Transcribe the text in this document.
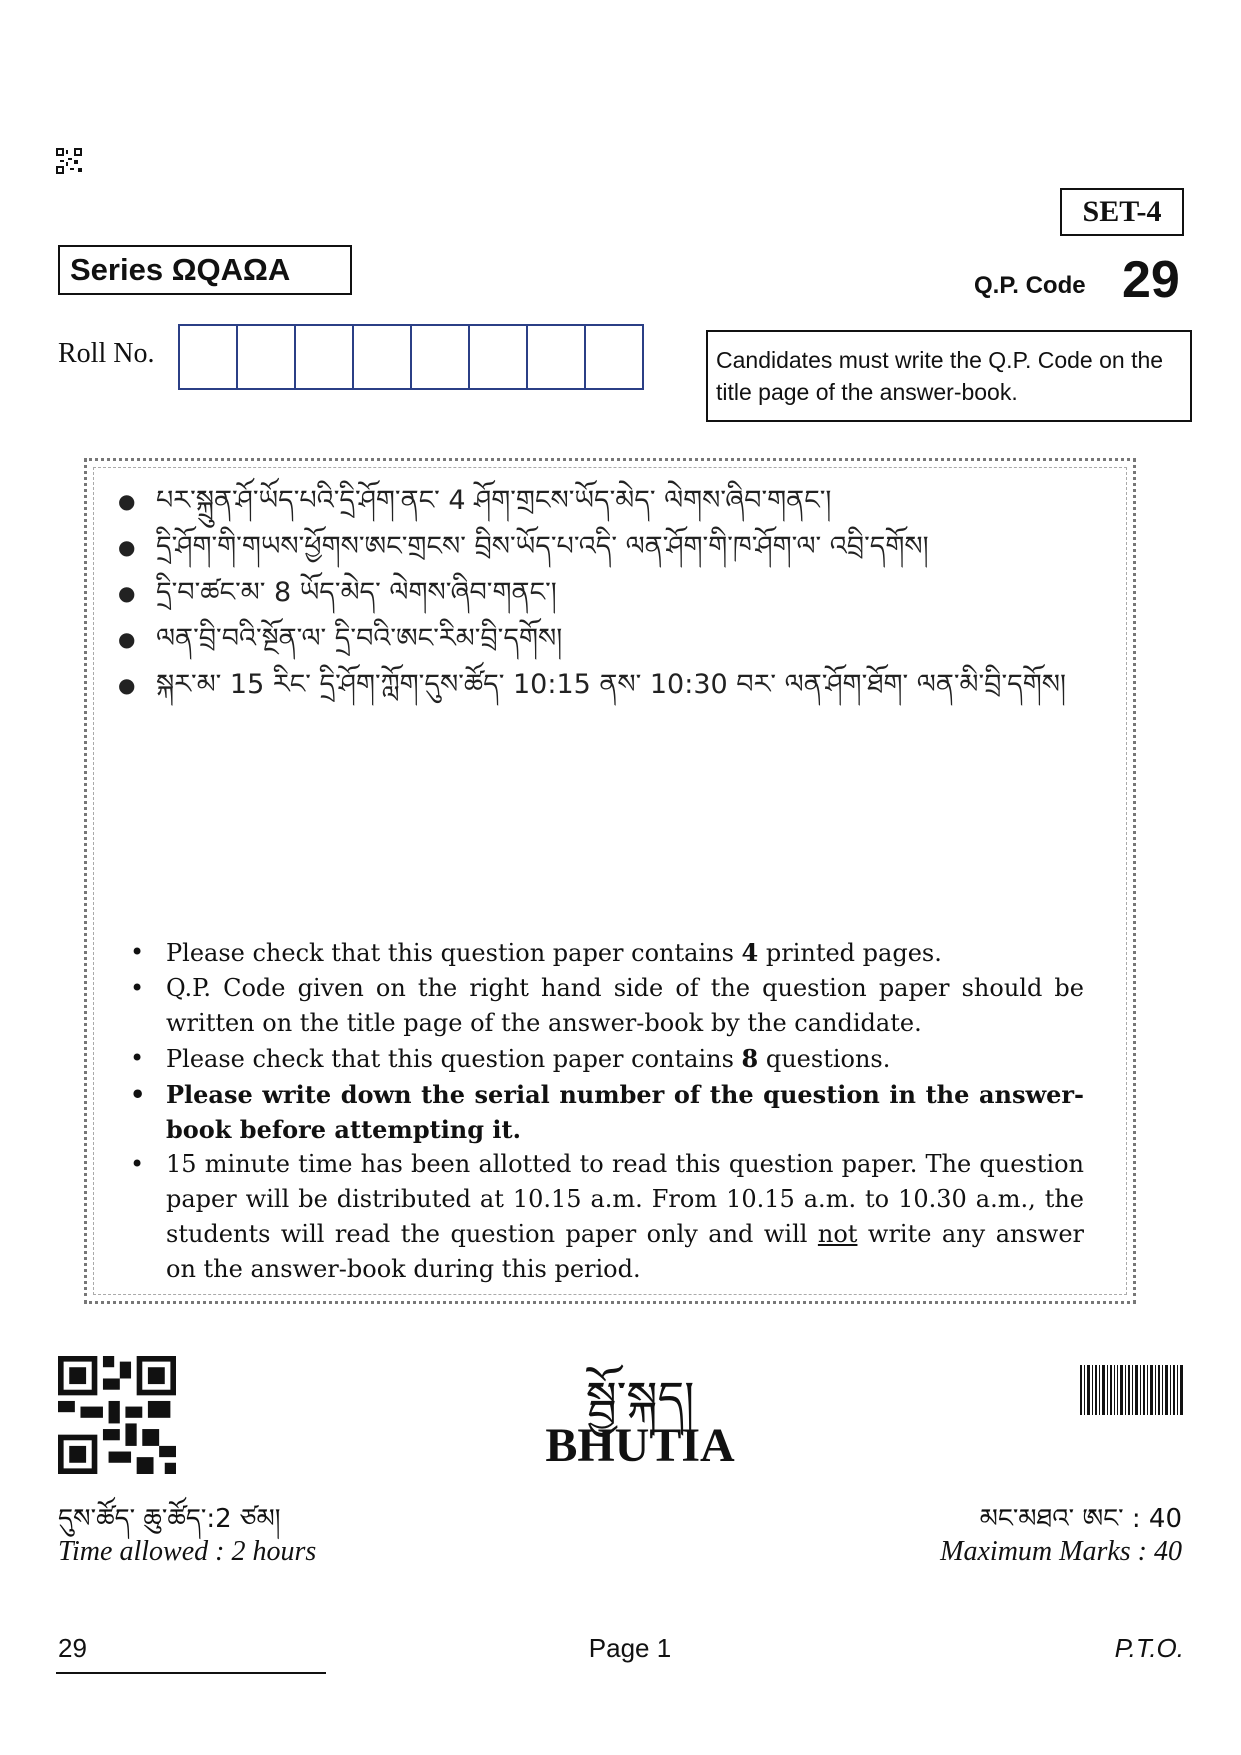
SET-4
Series ΩQAΩA	Q.P. Code 29
Roll No.	Candidates must write the Q.P. Code on the title page of the answer-book.
● པར་སྐྲུན་ཤོ་ཡོད་པའི་དྲི་ཤོག་ནང་ 4 ཤོག་གྲངས་ཡོད་མེད་ ལེགས་ཞིབ་གནང་།
● དྲི་ཤོག་གི་གཡས་ཕྱོགས་ཨང་གྲངས་ བྲིས་ཡོད་པ་འདི་ ལན་ཤོག་གི་ཁ་ཤོག་ལ་ འབྲི་དགོས།
● དྲི་བ་ཚང་མ་ 8 ཡོད་མེད་ ལེགས་ཞིབ་གནང་།
● ལན་བྲི་བའི་སྔོན་ལ་ དྲི་བའི་ཨང་རིམ་བྲི་དགོས།
● སྐར་མ་ 15 རིང་ དྲི་ཤོག་ཀློག་དུས་ཚོད་ 10:15 ནས་ 10:30 བར་ ལན་ཤོག་ཐོག་ ལན་མི་བྲི་དགོས།
• Please check that this question paper contains 4 printed pages.
• Q.P. Code given on the right hand side of the question paper should be written on the title page of the answer-book by the candidate.
• Please check that this question paper contains 8 questions.
• Please write down the serial number of the question in the answer-book before attempting it.
• 15 minute time has been allotted to read this question paper. The question paper will be distributed at 10.15 a.m. From 10.15 a.m. to 10.30 a.m., the students will read the question paper only and will not write any answer on the answer-book during this period.
སྦྱོ་སྐད།
BHUTIA
དུས་ཚོད་ ཆུ་ཚོད་:2 ཙམ།
Time allowed : 2 hours
མང་མཐའ་ ཨང་ : 40
Maximum Marks : 40
29	Page 1	P.T.O.
